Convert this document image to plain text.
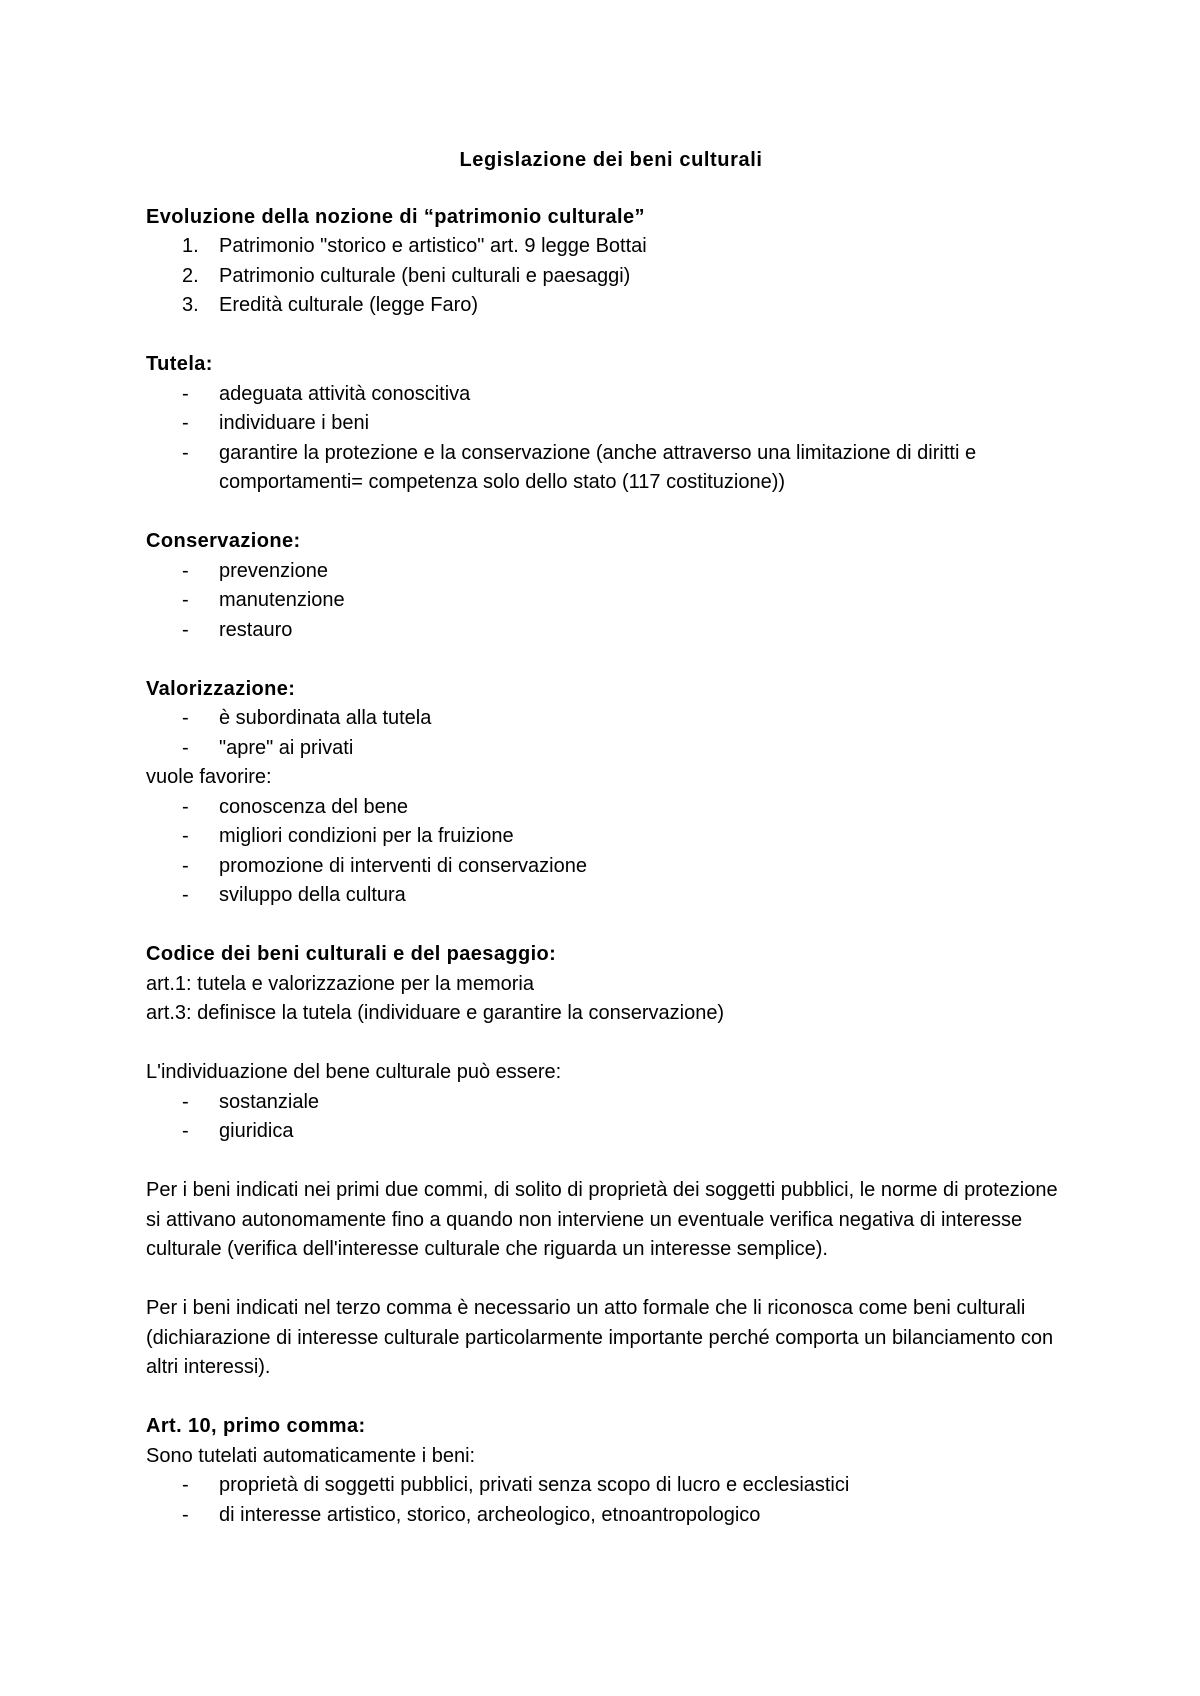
Legislazione dei beni culturali

Evoluzione della nozione di “patrimonio culturale”

1. Patrimonio "storico e artistico" art. 9 legge Bottai
2. Patrimonio culturale (beni culturali e paesaggi)
3. Eredità culturale (legge Faro)

Tutela:

- adeguata attività conoscitiva
- individuare i beni
- garantire la protezione e la conservazione (anche attraverso una limitazione di diritti e comportamenti= competenza solo dello stato (117 costituzione))

Conservazione:

- prevenzione
- manutenzione
- restauro

Valorizzazione:

- è subordinata alla tutela
- "apre" ai privati

vuole favorire:

- conoscenza del bene
- migliori condizioni per la fruizione
- promozione di interventi di conservazione
- sviluppo della cultura

Codice dei beni culturali e del paesaggio:

art.1: tutela e valorizzazione per la memoria

art.3: definisce la tutela (individuare e garantire la conservazione)

L'individuazione del bene culturale può essere:

- sostanziale
- giuridica

Per i beni indicati nei primi due commi, di solito di proprietà dei soggetti pubblici, le norme di protezione si attivano autonomamente fino a quando non interviene un eventuale verifica negativa di interesse culturale (verifica dell'interesse culturale che riguarda un interesse semplice).

Per i beni indicati nel terzo comma è necessario un atto formale che li riconosca come beni culturali (dichiarazione di interesse culturale particolarmente importante perché comporta un bilanciamento con altri interessi).

Art. 10, primo comma:

Sono tutelati automaticamente i beni:

- proprietà di soggetti pubblici, privati senza scopo di lucro e ecclesiastici
- di interesse artistico, storico, archeologico, etnoantropologico
